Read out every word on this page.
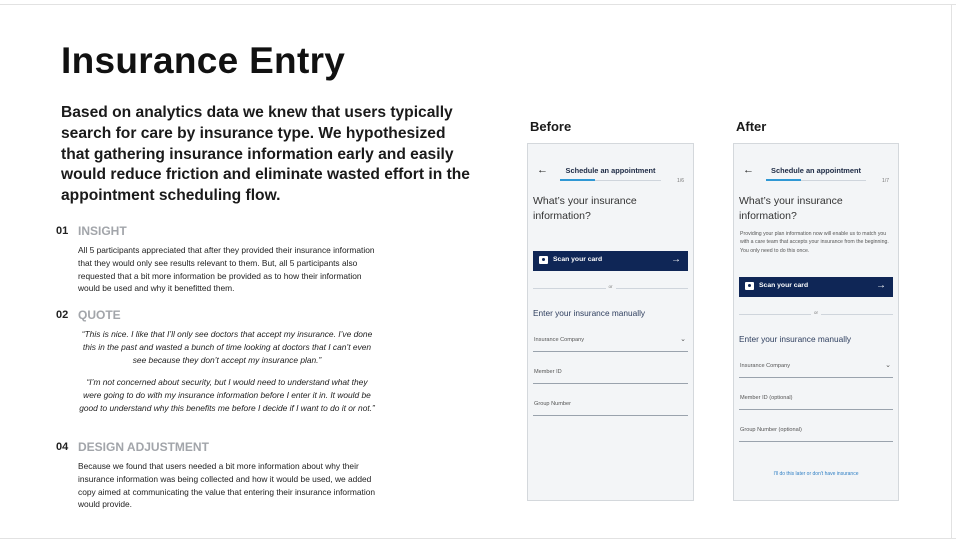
Insurance Entry
Based on analytics data we knew that users typically search for care by insurance type. We hypothesized that gathering insurance information early and easily would reduce friction and eliminate wasted effort in the appointment scheduling flow.
01 INSIGHT
All 5 participants appreciated that after they provided their insurance information that they would only see results relevant to them. But, all 5 participants also requested that a bit more information be provided as to how their information would be used and why it benefitted them.
02 QUOTE
“This is nice. I like that I’ll only see doctors that accept my insurance. I’ve done this in the past and wasted a bunch of time looking at doctors that I can’t even see because they don’t accept my insurance plan.”
“I’m not concerned about security, but I would need to understand what they were going to do with my insurance information before I enter it in. It would be good to understand why this benefits me before I decide if I want to do it or not.”
04 DESIGN ADJUSTMENT
Because we found that users needed a bit more information about why their insurance information was being collected and how it would be used, we added copy aimed at communicating the value that entering their insurance information would provide.
Before	After
←	Schedule an appointment
1/6
What’s your insurance information?
Scan your card	→
or
Enter your insurance manually
Insurance Company	⌄
Member ID
Group Number
←	Schedule an appointment
1/7
What’s your insurance information?
Providing your plan information now will enable us to match you with a care team that accepts your insurance from the beginning. You only need to do this once.
Scan your card	→
or
Enter your insurance manually
Insurance Company	⌄
Member ID (optional)
Group Number (optional)
I'll do this later or don't have insurance
